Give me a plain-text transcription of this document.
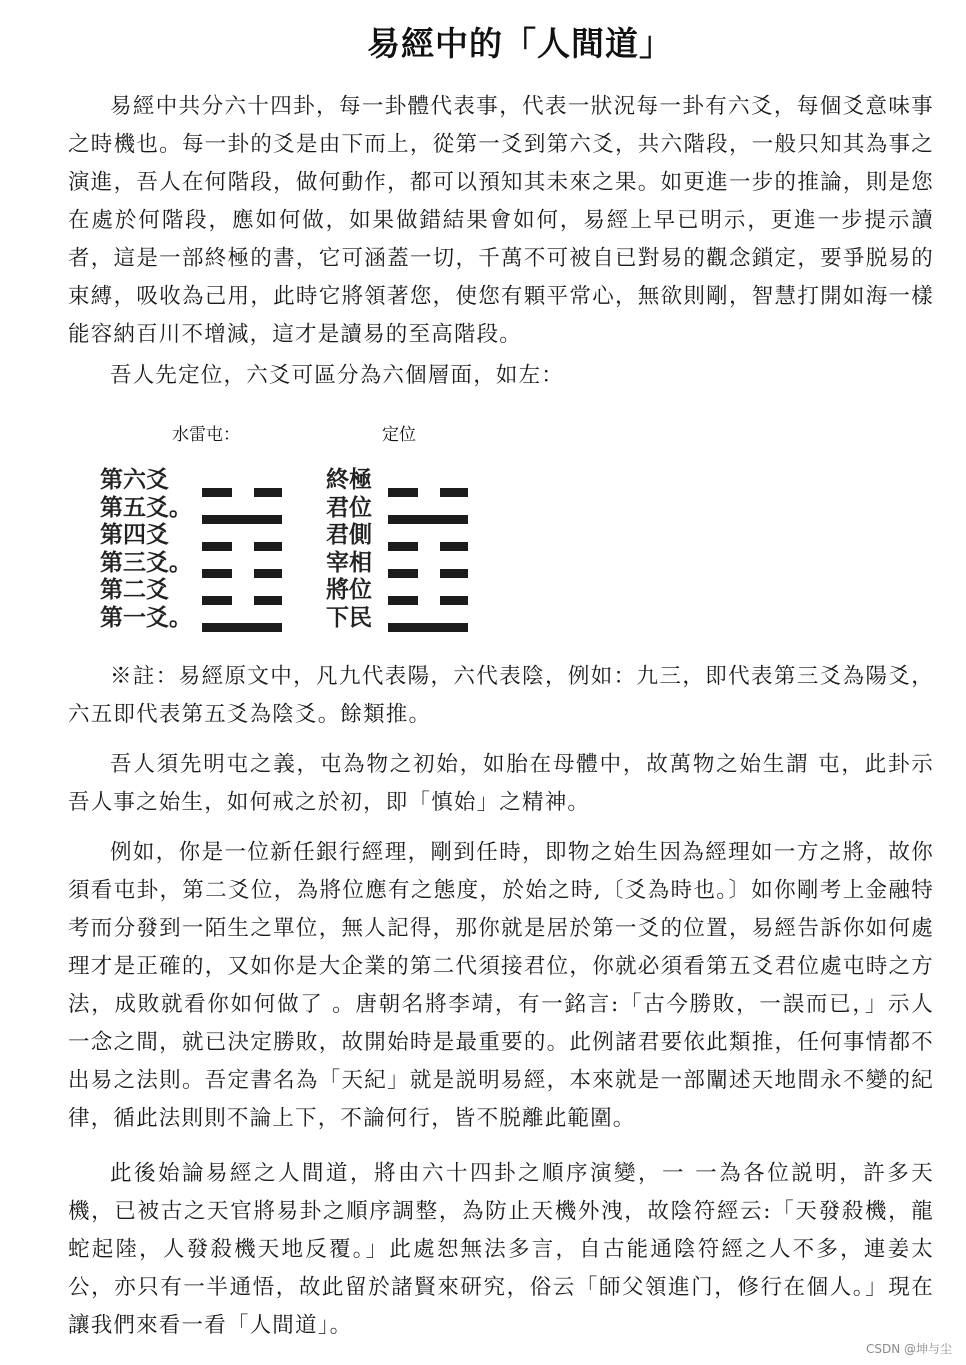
易經中的「人間道」

易經中共分六十四卦，每一卦體代表事，代表一狀況每一卦有六爻，每個爻意味事之時機也。每一卦的爻是由下而上，從第一爻到第六爻，共六階段，一般只知其為事之演進，吾人在何階段，做何動作，都可以預知其未來之果。如更進一步的推論，則是您在處於何階段，應如何做，如果做錯結果會如何，易經上早已明示，更進一步提示讀者，這是一部終極的書，它可涵蓋一切，千萬不可被自已對易的觀念鎖定，要爭脱易的束縛，吸收為己用，此時它將領著您，使您有顆平常心，無欲則剛，智慧打開如海一樣能容納百川不增減，這才是讀易的至高階段。

吾人先定位，六爻可區分為六個層面，如左：

水雷屯：	定位
第六爻
第五爻。
第四爻
第三爻。
第二爻
第一爻。
終極
君位
君側
宰相
將位
下民

※註：易經原文中，凡九代表陽，六代表陰，例如：九三，即代表第三爻為陽爻，六五即代表第五爻為陰爻。餘類推。

吾人須先明屯之義，屯為物之初始，如胎在母體中，故萬物之始生謂 屯，此卦示吾人事之始生，如何戒之於初，即「慎始」之精神。

例如，你是一位新任銀行經理，剛到任時，即物之始生因為經理如一方之將，故你須看屯卦，第二爻位，為將位應有之態度，於始之時,〔爻為時也。〕如你剛考上金融特考而分發到一陌生之單位，無人記得，那你就是居於第一爻的位置，易經告訴你如何處理才是正確的，又如你是大企業的第二代須接君位，你就必須看第五爻君位處屯時之方法，成敗就看你如何做了 。唐朝名將李靖，有一銘言:「古今勝敗，一誤而已，」示人一念之間，就已決定勝敗，故開始時是最重要的。此例諸君要依此類推，任何事情都不出易之法則。吾定書名為「天紀」就是説明易經，本來就是一部闡述天地間永不變的紀律，循此法則則不論上下，不論何行，皆不脱離此範圍。

此後始論易經之人間道，將由六十四卦之順序演變，一 一為各位説明，許多天機，已被古之天官將易卦之順序調整，為防止天機外洩，故陰符經云:「天發殺機，龍蛇起陸，人發殺機天地反覆。」此處恕無法多言，自古能通陰符經之人不多，連姜太公，亦只有一半通悟，故此留於諸賢來研究，俗云「師父領進门，修行在個人。」現在讓我們來看一看「人間道」。

CSDN @坤与尘
